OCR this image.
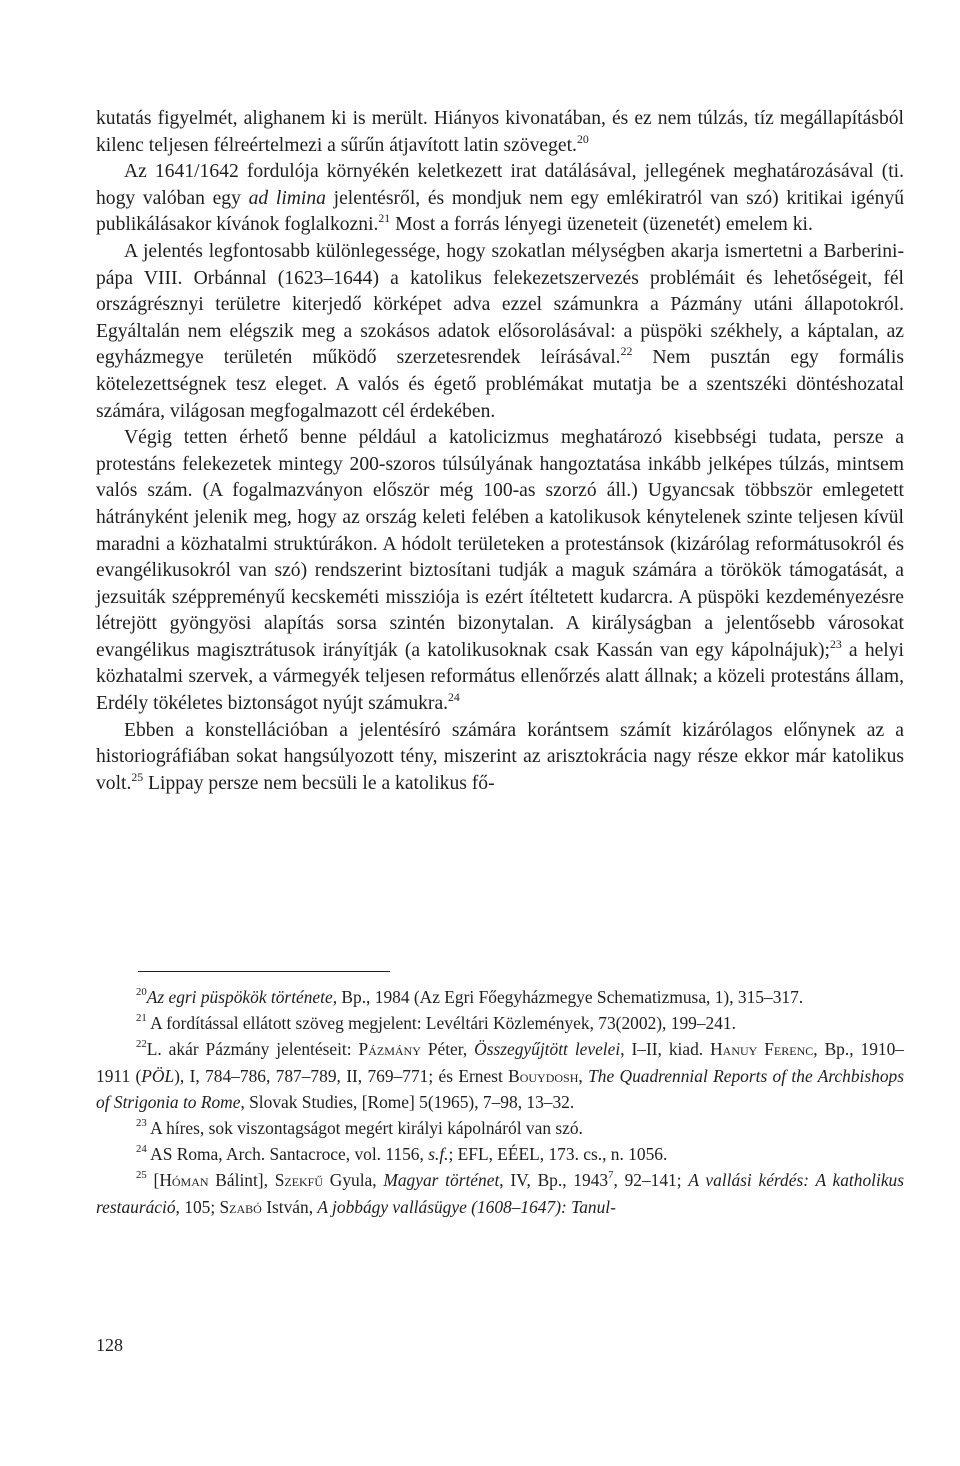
kutatás figyelmét, alighanem ki is merült. Hiányos kivonatában, és ez nem túlzás, tíz megállapításból kilenc teljesen félreértelmezi a sűrűn átjavított latin szöveget.$^{20}$

Az 1641/1642 fordulója környékén keletkezett irat datálásával, jellegének meghatározásával (ti. hogy valóban egy ad limina jelentésről, és mondjuk nem egy emlékiratról van szó) kritikai igényű publikálásakor kívánok foglalkozni.$^{21}$ Most a forrás lényegi üzeneteit (üzenetét) emelem ki.

A jelentés legfontosabb különlegessége, hogy szokatlan mélységben akarja ismertetni a Barberini-pápa VIII. Orbánnal (1623–1644) a katolikus felekezetszervezés problémáit és lehetőségeit, fél országrésznyi területre kiterjedő körképet adva ezzel számunkra a Pázmány utáni állapotokról. Egyáltalán nem elégszik meg a szokásos adatok elősorolásával: a püspöki székhely, a káptalan, az egyházmegye területén működő szerzetesrendek leírásával.$^{22}$ Nem pusztán egy formális kötelezettségnek tesz eleget. A valós és égető problémákat mutatja be a szentszéki döntéshozatal számára, világosan megfogalmazott cél érdekében.

Végig tetten érhető benne például a katolicizmus meghatározó kisebbségi tudata, persze a protestáns felekezetek mintegy 200-szoros túlsúlyának hangoztatása inkább jelképes túlzás, mintsem valós szám. (A fogalmazványon először még 100-as szorzó áll.) Ugyancsak többször emlegetett hátrányként jelenik meg, hogy az ország keleti felében a katolikusok kénytelenek szinte teljesen kívül maradni a közhatalmi struktúrákon. A hódolt területeken a protestánsok (kizárólag reformátusokról és evangélikusokról van szó) rendszerint biztosítani tudják a maguk számára a törökök támogatását, a jezsuiták széppreményű kecskeméti missziója is ezért ítéltetett kudarcra. A püspöki kezdeményezésre létrejött gyöngyösi alapítás sorsa szintén bizonytalan. A királyságban a jelentősebb városokat evangélikus magisztrátusok irányítják (a katolikusoknak csak Kassán van egy kápolnájuk);$^{23}$ a helyi közhatalmi szervek, a vármegyék teljesen református ellenőrzés alatt állnak; a közeli protestáns állam, Erdély tökéletes biztonságot nyújt számukra.$^{24}$

Ebben a konstellációban a jelentésíró számára korántsem számít kizárólagos előnynek az a historiográfiában sokat hangsúlyozott tény, miszerint az arisztokrácia nagy része ekkor már katolikus volt.$^{25}$ Lippay persze nem becsüli le a katolikus fő-

$^{20}$Az egri püspökök története, Bp., 1984 (Az Egri Főegyházmegye Schematizmusa, 1), 315–317.

$^{21}$ A fordítással ellátott szöveg megjelent: Levéltári Közlemények, 73(2002), 199–241.

$^{22}$L. akár Pázmány jelentéseit: Pázmány Péter, Összegyűjtött levelei, I–II, kiad. Hanuy Ferenc, Bp., 1910–1911 (PÖL), I, 784–786, 787–789, II, 769–771; és Ernest Bouydosh, The Quadrennial Reports of the Archbishops of Strigonia to Rome, Slovak Studies, [Rome] 5(1965), 7–98, 13–32.

$^{23}$ A híres, sok viszontagságot megért királyi kápolnáról van szó.

$^{24}$ AS Roma, Arch. Santacroce, vol. 1156, s.f.; EFL, EÉEL, 173. cs., n. 1056.

$^{25}$ [Hóman Bálint], Szekfű Gyula, Magyar történet, IV, Bp., 1943$^7$, 92–141; A vallási kérdés: A katholikus restauráció, 105; Szabó István, A jobbágy vallásügye (1608–1647): Tanul-

128
